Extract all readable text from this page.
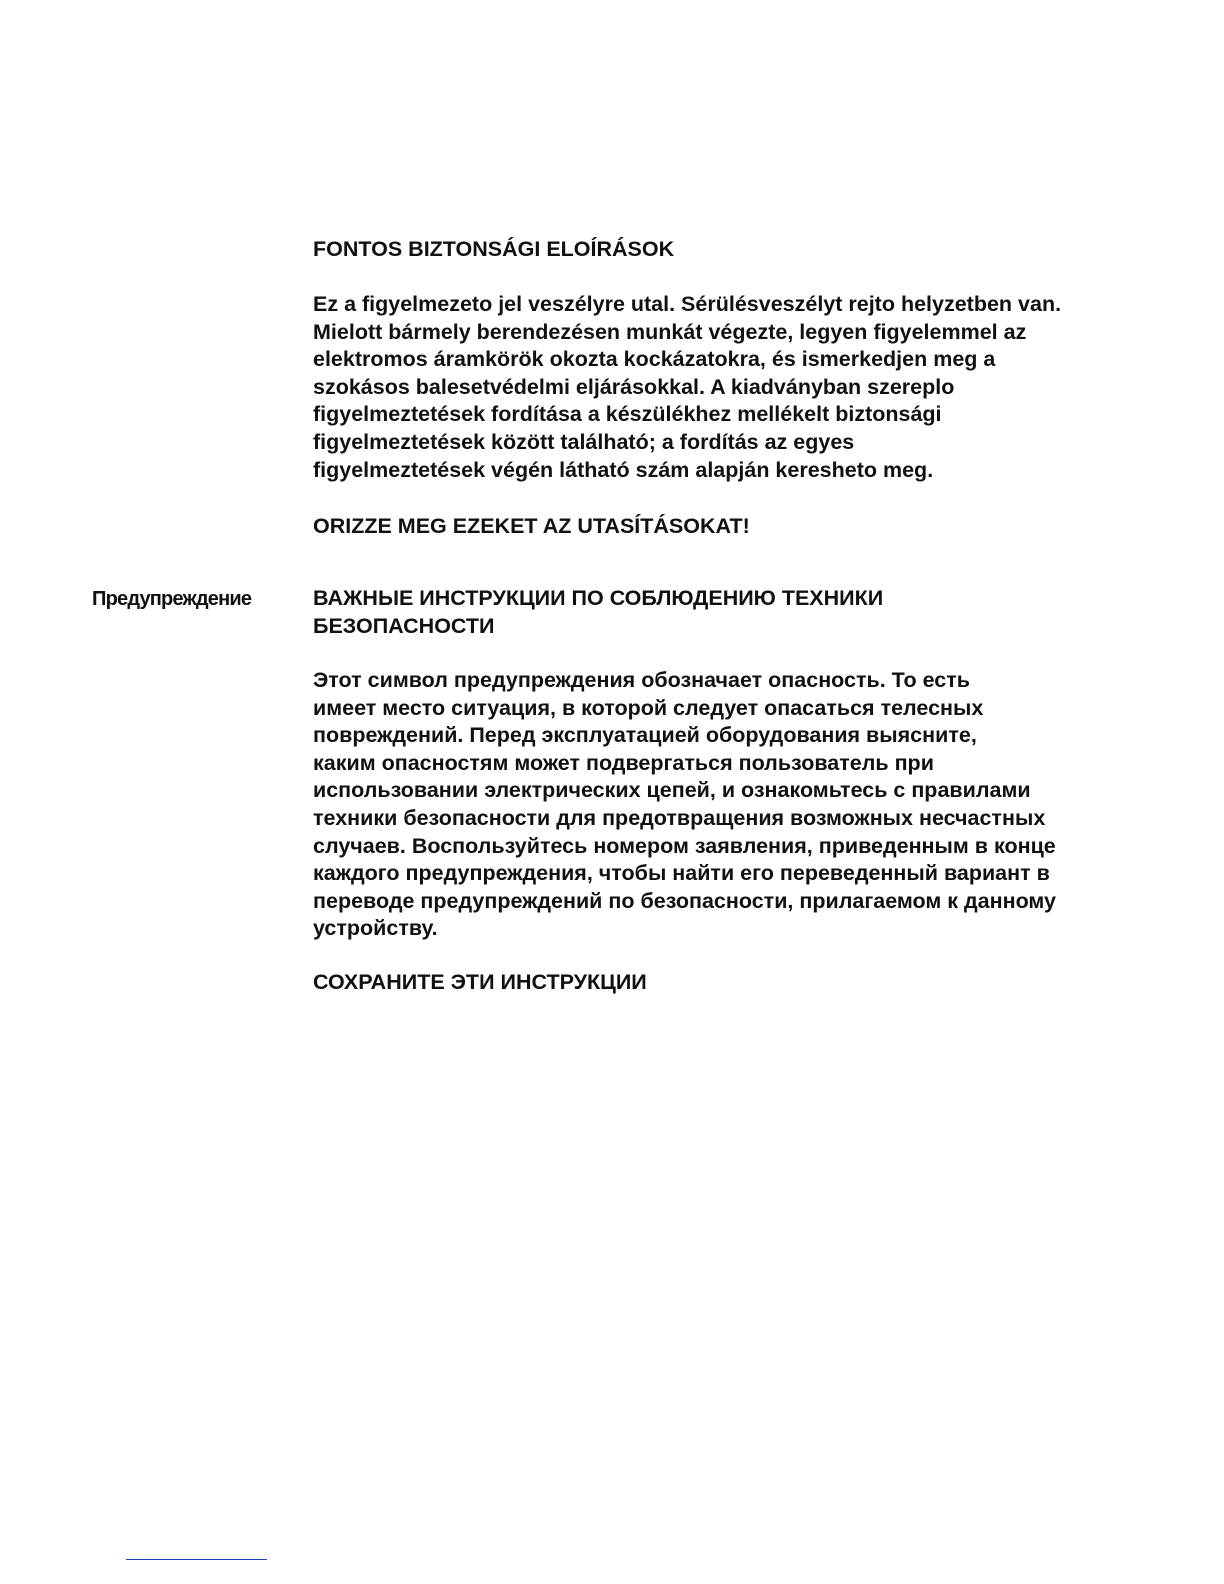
FONTOS BIZTONSÁGI ELOÍRÁSOK
Ez a figyelmezeto jel veszélyre utal. Sérülésveszélyt rejto helyzetben van.
Mielott bármely berendezésen munkát végezte, legyen figyelemmel az
elektromos áramkörök okozta kockázatokra, és ismerkedjen meg a
szokásos balesetvédelmi eljárásokkal. A kiadványban szereplo
figyelmeztetések fordítása a készülékhez mellékelt biztonsági
figyelmeztetések között található; a fordítás az egyes
figyelmeztetések végén látható szám alapján keresheto meg.
ORIZZE MEG EZEKET AZ UTASÍTÁSOKAT!
Предупреждение	ВАЖНЫЕ ИНСТРУКЦИИ ПО СОБЛЮДЕНИЮ ТЕХНИКИ
БЕЗОПАСНОСТИ
Этот символ предупреждения обозначает опасность. То есть
имеет место ситуация, в которой следует опасаться телесных
повреждений. Перед эксплуатацией оборудования выясните,
каким опасностям может подвергаться пользователь при
использовании электрических цепей, и ознакомьтесь с правилами
техники безопасности для предотвращения возможных несчастных
случаев. Воспользуйтесь номером заявления, приведенным в конце
каждого предупреждения, чтобы найти его переведенный вариант в
переводе предупреждений по безопасности, прилагаемом к данному
устройству.
СОХРАНИТЕ ЭТИ ИНСТРУКЦИИ
